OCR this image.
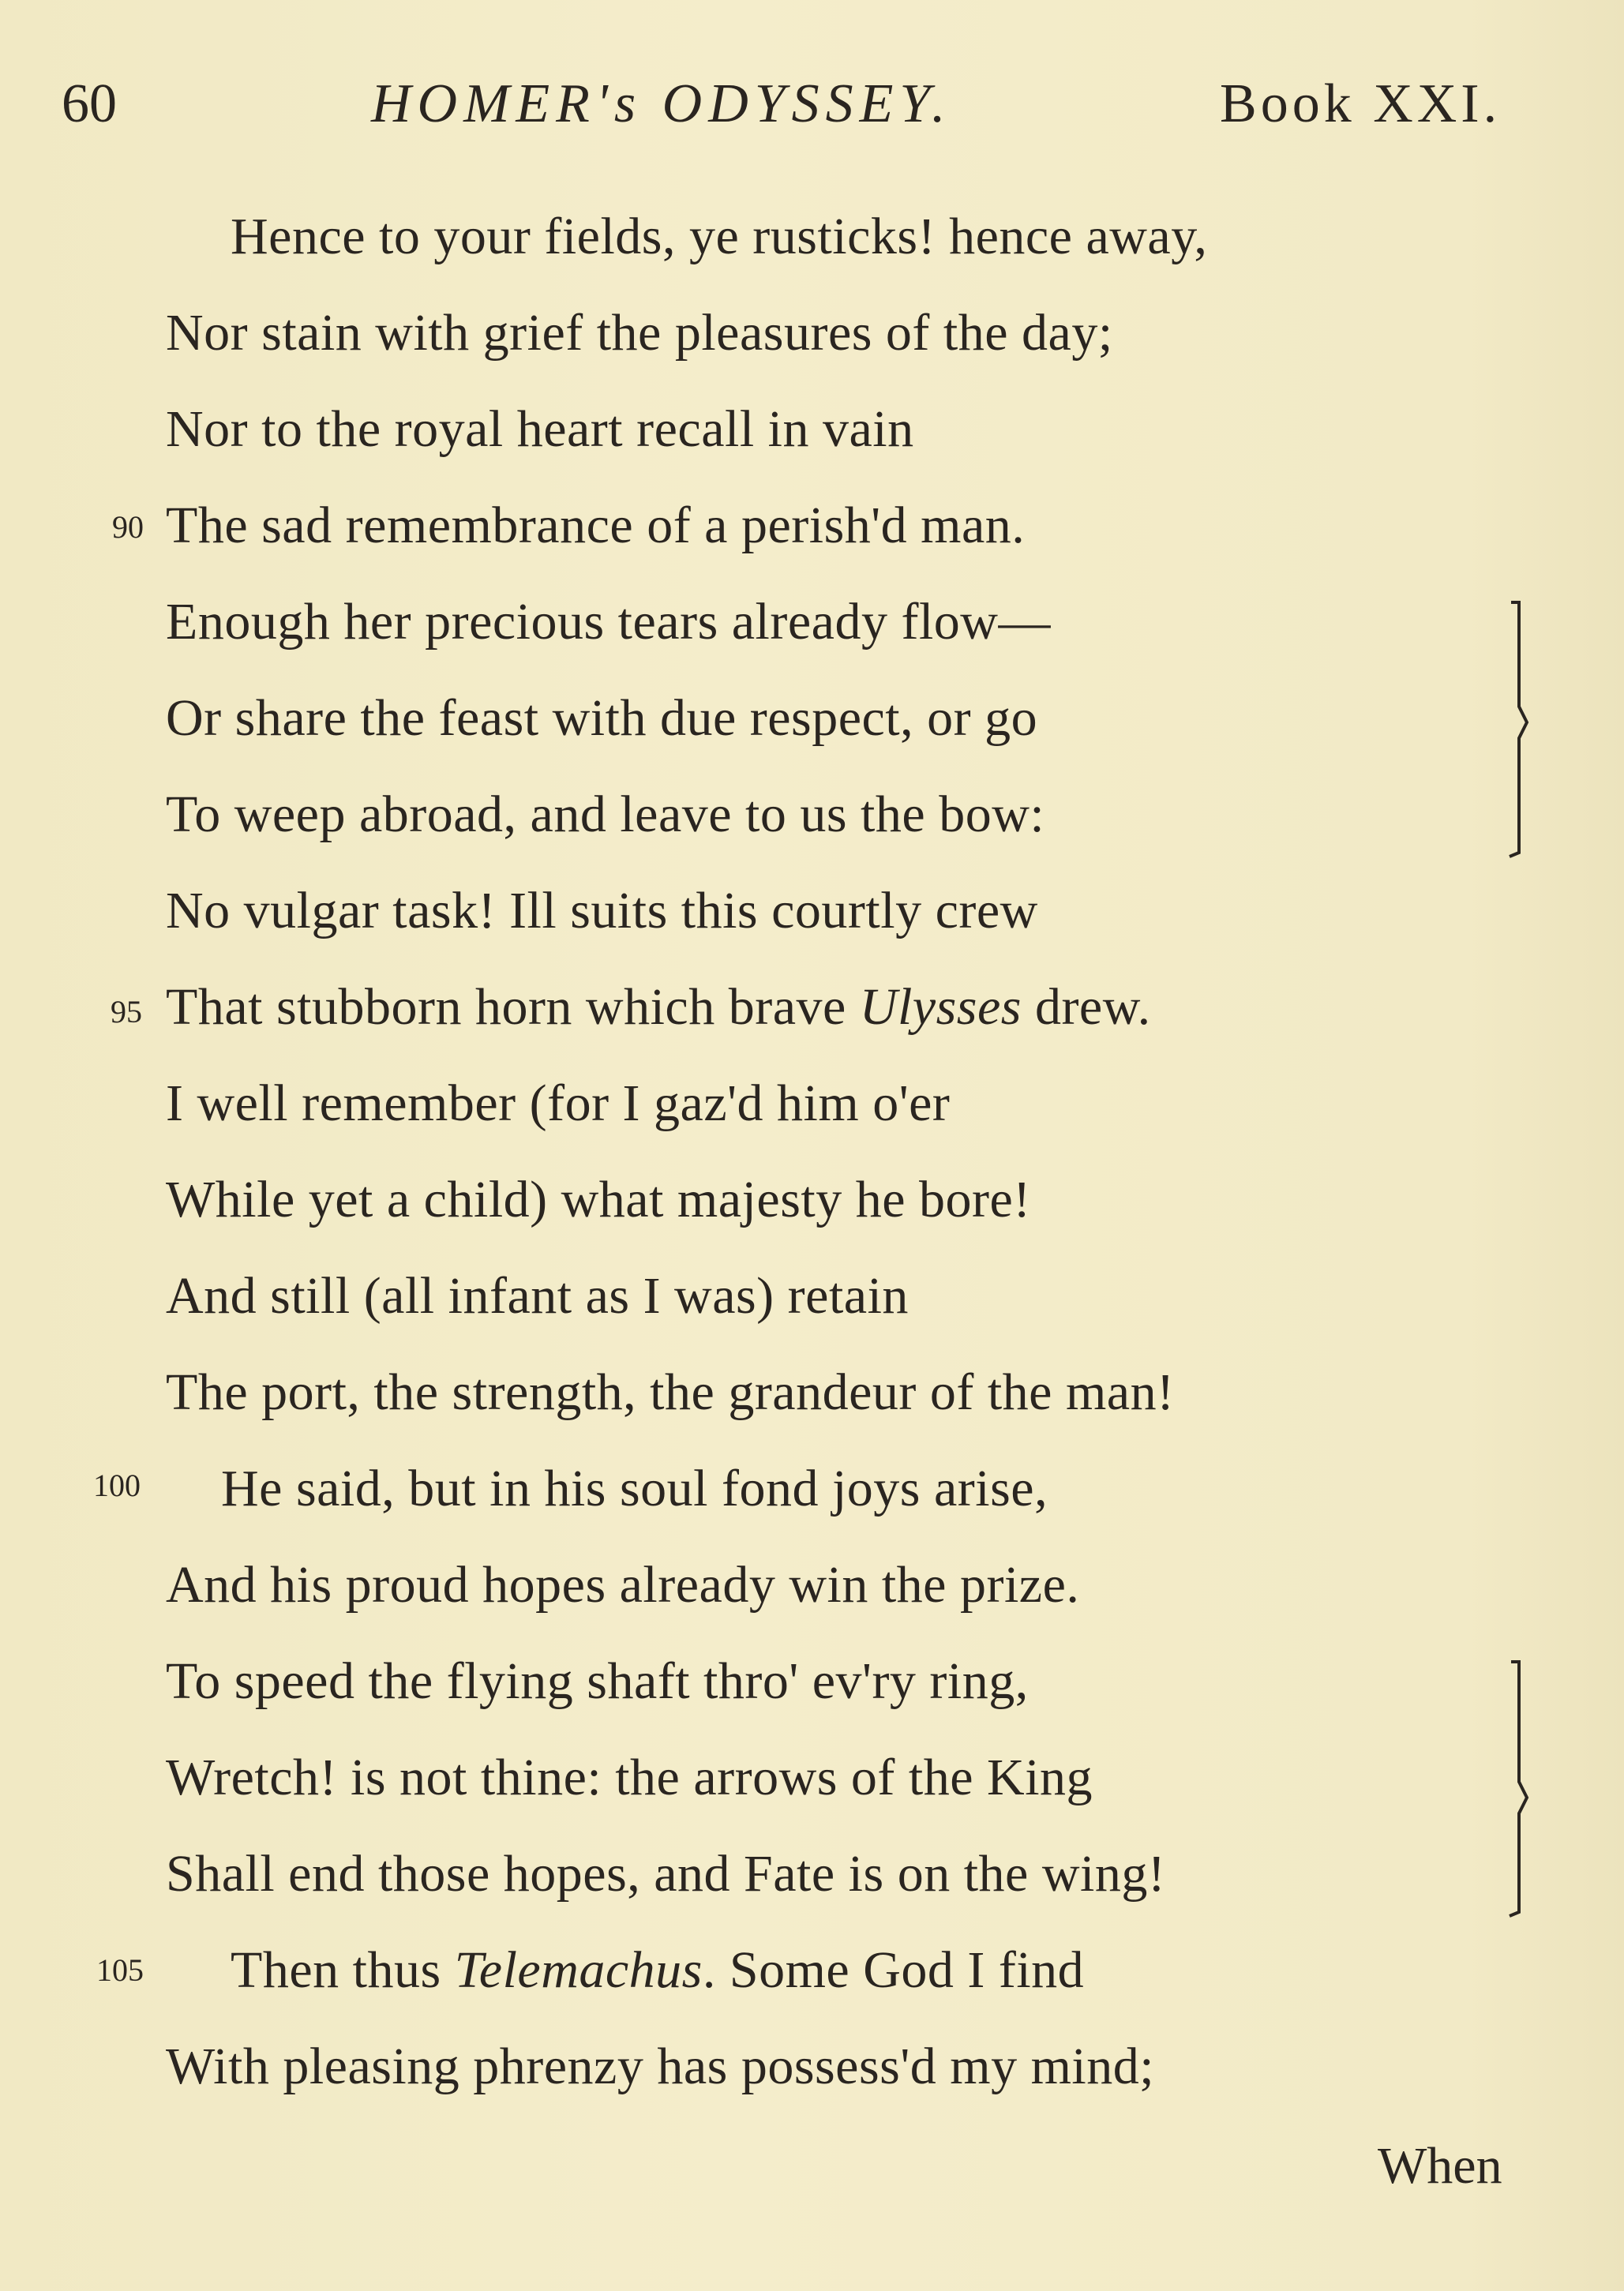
60	HOMER's ODYSSEY.	Book XXI.
Hence to your fields, ye rusticks! hence away,
Nor stain with grief the pleasures of the day;
Nor to the royal heart recall in vain
The sad remembrance of a perish'd man.
Enough her precious tears already flow—
Or share the feast with due respect, or go
To weep abroad, and leave to us the bow:
No vulgar task! Ill suits this courtly crew
That stubborn horn which brave Ulysses drew.
I well remember (for I gaz'd him o'er
While yet a child) what majesty he bore!
And still (all infant as I was) retain
The port, the strength, the grandeur of the man!
He said, but in his soul fond joys arise,
And his proud hopes already win the prize.
To speed the flying shaft thro' ev'ry ring,
Wretch! is not thine: the arrows of the King
Shall end those hopes, and Fate is on the wing!
Then thus Telemachus. Some God I find
With pleasing phrenzy has possess'd my mind;
90
95
100
105
When
